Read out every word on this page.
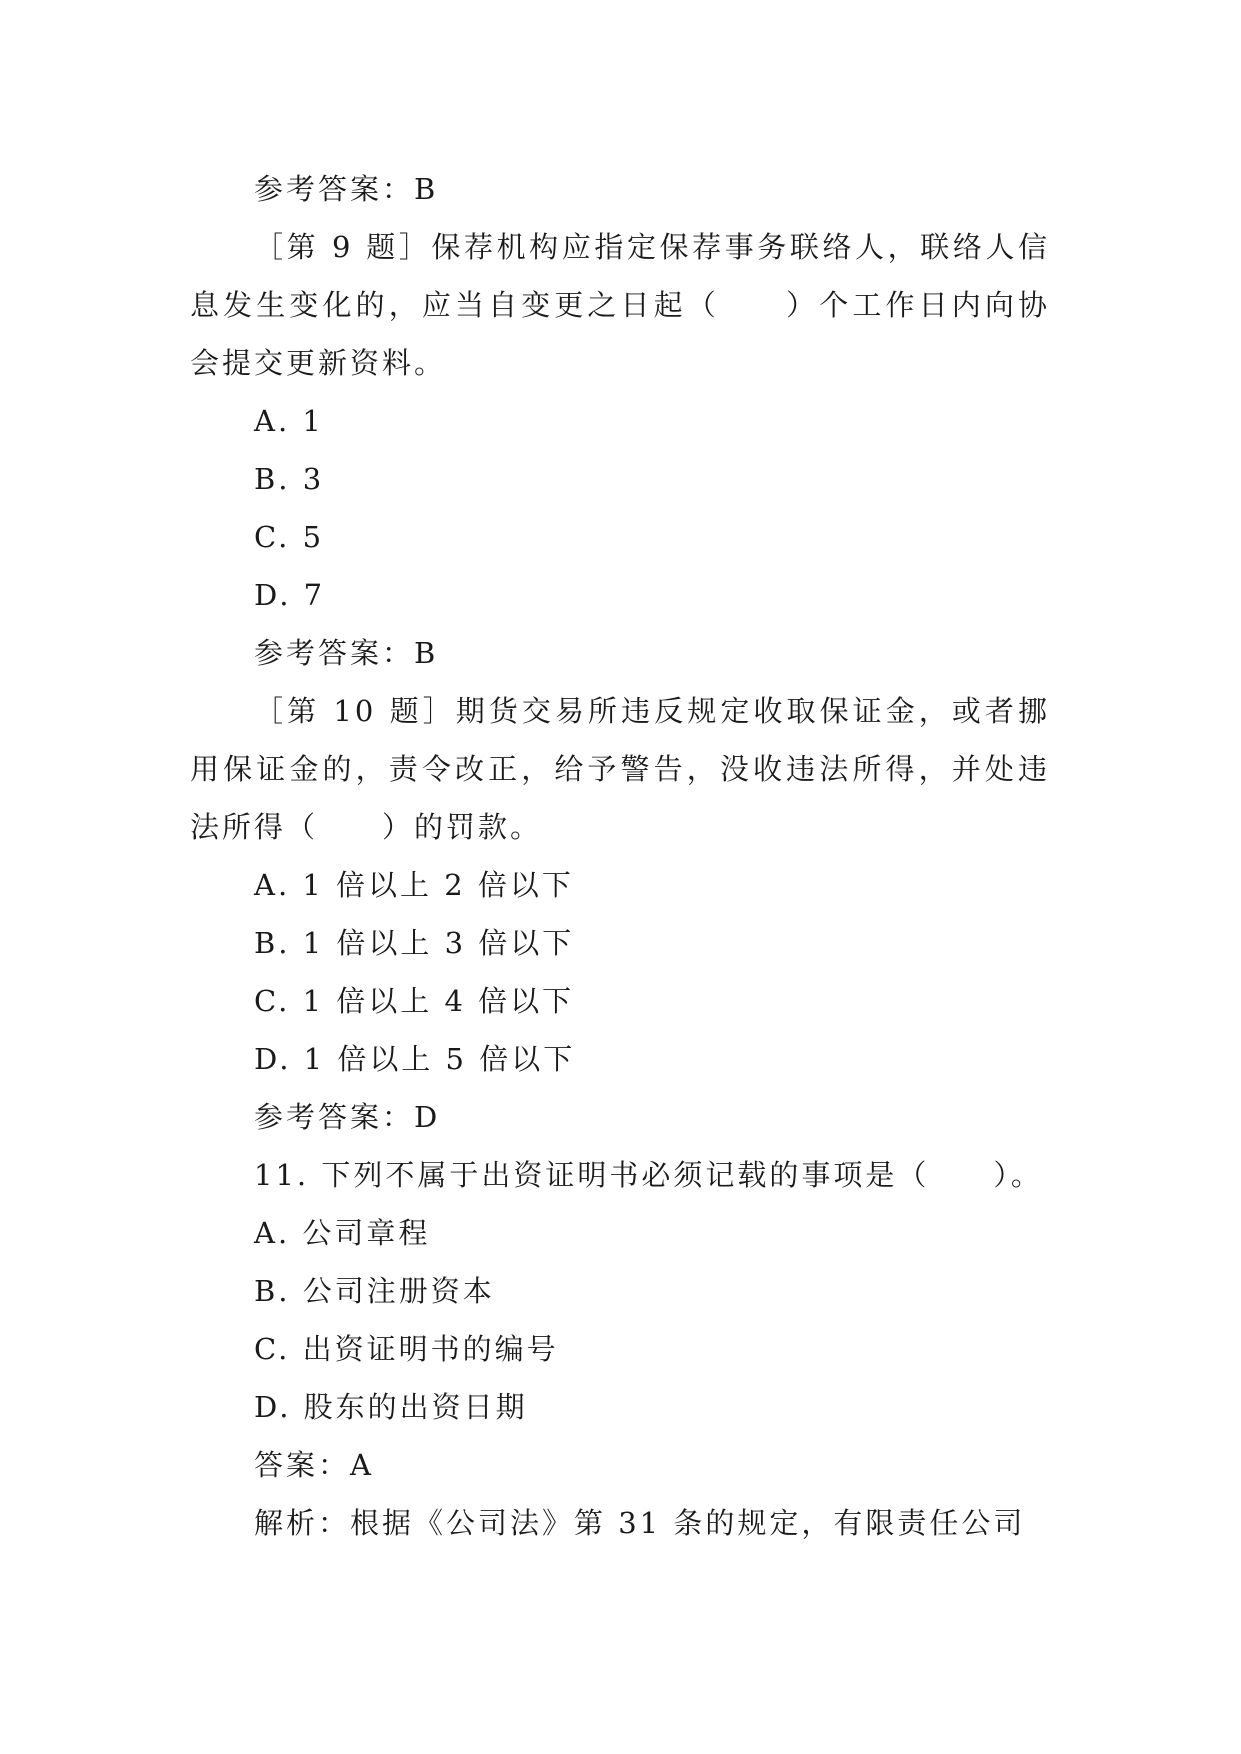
参考答案：B

［第 9 题］保荐机构应指定保荐事务联络人，联络人信息发生变化的，应当自变更之日起（　　）个工作日内向协会提交更新资料。

A. 1
B. 3
C. 5
D. 7
参考答案：B

［第 10 题］期货交易所违反规定收取保证金，或者挪用保证金的，责令改正，给予警告，没收违法所得，并处违法所得（　　）的罚款。

A. 1 倍以上 2 倍以下
B. 1 倍以上 3 倍以下
C. 1 倍以上 4 倍以下
D. 1 倍以上 5 倍以下
参考答案：D
11. 下列不属于出资证明书必须记载的事项是（　　）。
A. 公司章程
B. 公司注册资本
C. 出资证明书的编号
D. 股东的出资日期
答案：A
解析：根据《公司法》第 31 条的规定，有限责任公司
